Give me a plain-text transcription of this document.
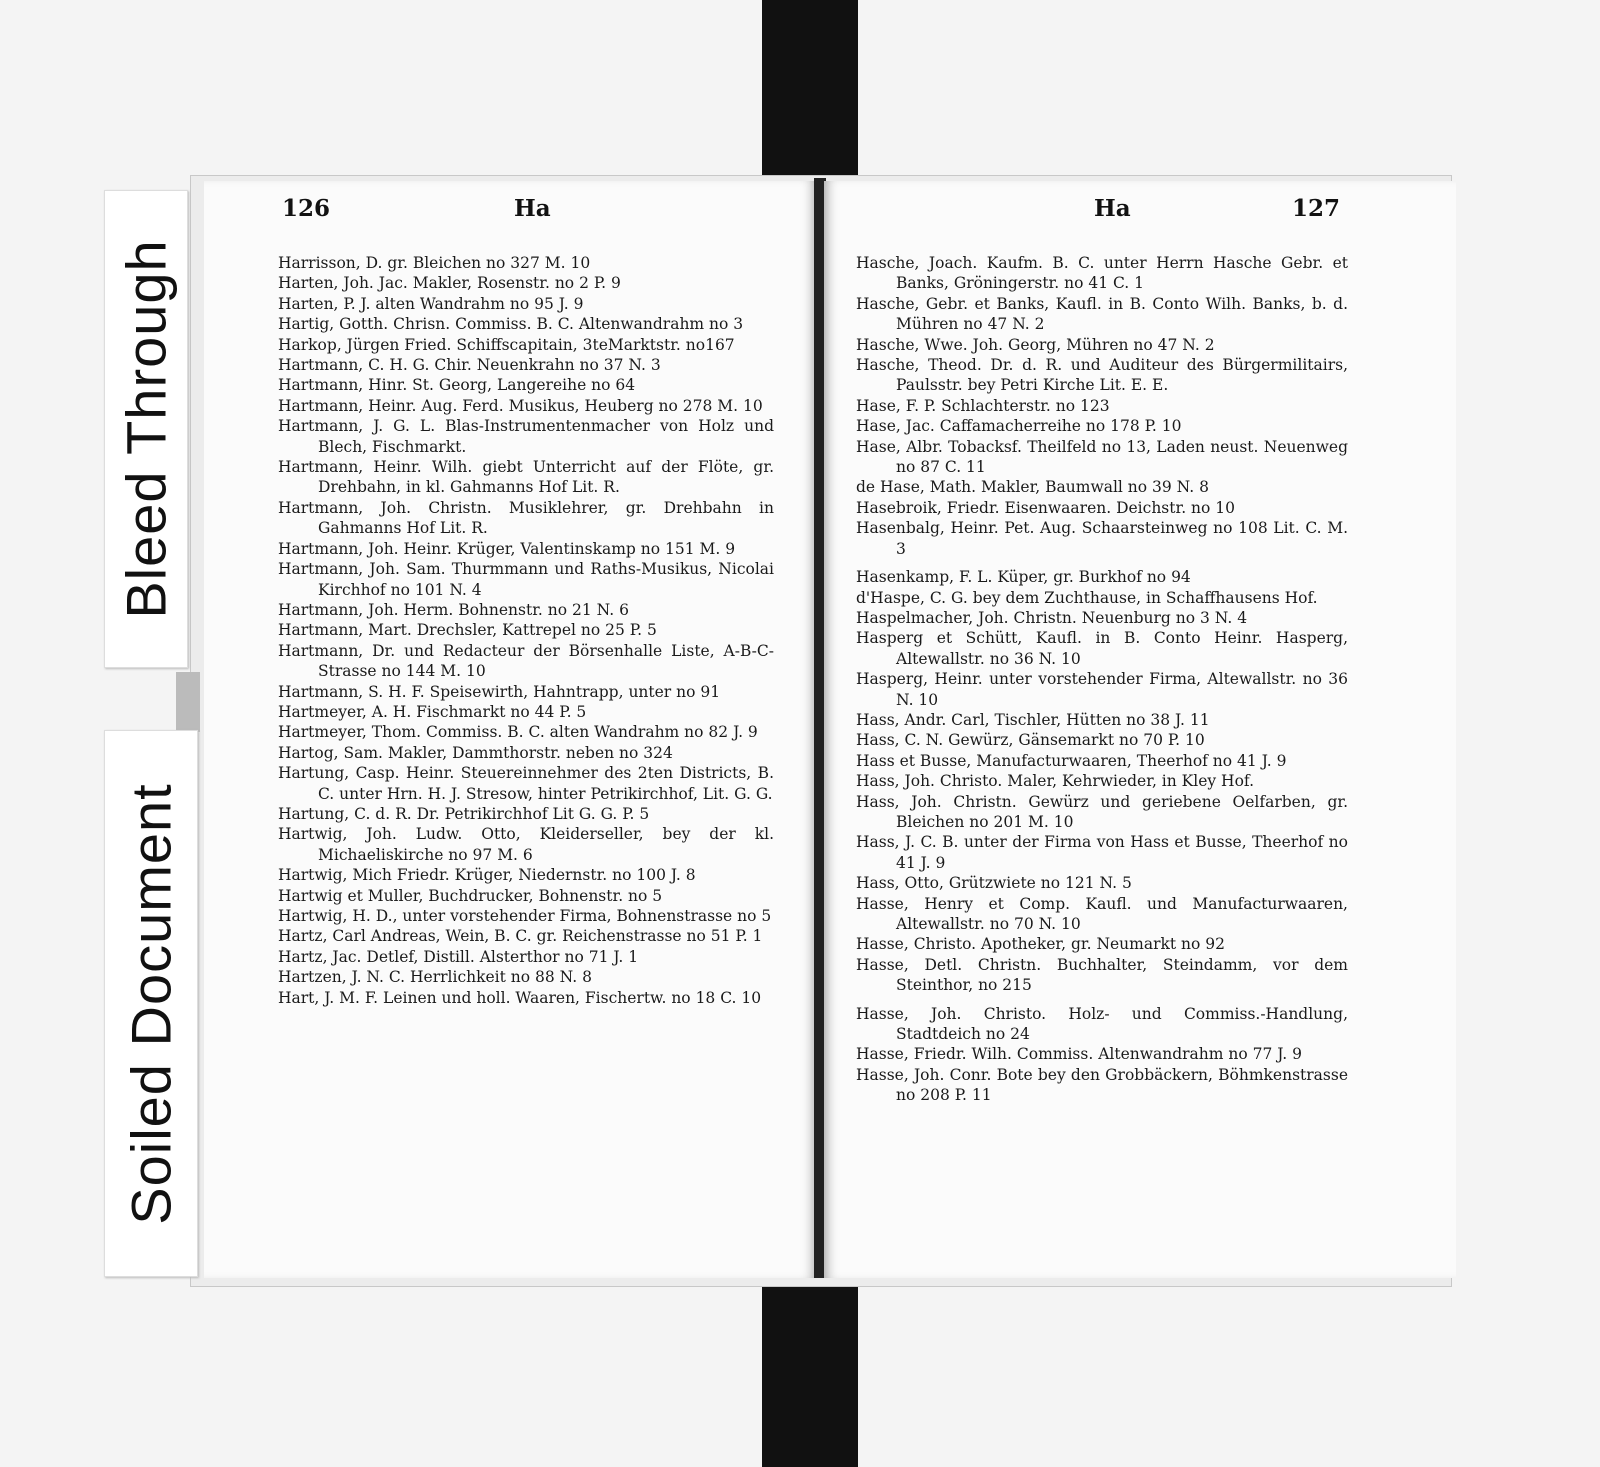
Bleed Through
Soiled Document
126	Ha
Harrisson, D. gr. Bleichen no 327 M. 10
Harten, Joh. Jac. Makler, Rosenstr. no 2 P. 9
Harten, P. J. alten Wandrahm no 95 J. 9
Hartig, Gotth. Chrisn. Commiss. B. C. Altenwandrahm no 3
Harkop, Jürgen Fried. Schiffscapitain, 3teMarktstr. no167
Hartmann, C. H. G. Chir. Neuenkrahn no 37 N. 3
Hartmann, Hinr. St. Georg, Langereihe no 64
Hartmann, Heinr. Aug. Ferd. Musikus, Heuberg no 278 M. 10
Hartmann, J. G. L. Blas-Instrumentenmacher von Holz und Blech, Fischmarkt.
Hartmann, Heinr. Wilh. giebt Unterricht auf der Flöte, gr. Drehbahn, in kl. Gahmanns Hof Lit. R.
Hartmann, Joh. Christn. Musiklehrer, gr. Drehbahn in Gahmanns Hof Lit. R.
Hartmann, Joh. Heinr. Krüger, Valentinskamp no 151 M. 9
Hartmann, Joh. Sam. Thurmmann und Raths-Musikus, Nicolai Kirchhof no 101 N. 4
Hartmann, Joh. Herm. Bohnenstr. no 21 N. 6
Hartmann, Mart. Drechsler, Kattrepel no 25 P. 5
Hartmann, Dr. und Redacteur der Börsenhalle Liste, A-B-C-Strasse no 144 M. 10
Hartmann, S. H. F. Speisewirth, Hahntrapp, unter no 91
Hartmeyer, A. H. Fischmarkt no 44 P. 5
Hartmeyer, Thom. Commiss. B. C. alten Wandrahm no 82 J. 9
Hartog, Sam. Makler, Dammthorstr. neben no 324
Hartung, Casp. Heinr. Steuereinnehmer des 2ten Districts, B. C. unter Hrn. H. J. Stresow, hinter Petrikirchhof, Lit. G. G.
Hartung, C. d. R. Dr. Petrikirchhof Lit G. G. P. 5
Hartwig, Joh. Ludw. Otto, Kleiderseller, bey der kl. Michaeliskirche no 97 M. 6
Hartwig, Mich Friedr. Krüger, Niedernstr. no 100 J. 8
Hartwig et Muller, Buchdrucker, Bohnenstr. no 5
Hartwig, H. D., unter vorstehender Firma, Bohnenstrasse no 5
Hartz, Carl Andreas, Wein, B. C. gr. Reichenstrasse no 51 P. 1
Hartz, Jac. Detlef, Distill. Alsterthor no 71 J. 1
Hartzen, J. N. C. Herrlichkeit no 88 N. 8
Hart, J. M. F. Leinen und holl. Waaren, Fischertw. no 18 C. 10
Ha	127
Hasche, Joach. Kaufm. B. C. unter Herrn Hasche Gebr. et Banks, Gröningerstr. no 41 C. 1
Hasche, Gebr. et Banks, Kaufl. in B. Conto Wilh. Banks, b. d. Mühren no 47 N. 2
Hasche, Wwe. Joh. Georg, Mühren no 47 N. 2
Hasche, Theod. Dr. d. R. und Auditeur des Bürgermilitairs, Paulsstr. bey Petri Kirche Lit. E. E.
Hase, F. P. Schlachterstr. no 123
Hase, Jac. Caffamacherreihe no 178 P. 10
Hase, Albr. Tobacksf. Theilfeld no 13, Laden neust. Neuenweg no 87 C. 11
de Hase, Math. Makler, Baumwall no 39 N. 8
Hasebroik, Friedr. Eisenwaaren. Deichstr. no 10
Hasenbalg, Heinr. Pet. Aug. Schaarsteinweg no 108 Lit. C. M. 3
Hasenkamp, F. L. Küper, gr. Burkhof no 94
d'Haspe, C. G. bey dem Zuchthause, in Schaffhausens Hof.
Haspelmacher, Joh. Christn. Neuenburg no 3 N. 4
Hasperg et Schütt, Kaufl. in B. Conto Heinr. Hasperg, Altewallstr. no 36 N. 10
Hasperg, Heinr. unter vorstehender Firma, Altewallstr. no 36 N. 10
Hass, Andr. Carl, Tischler, Hütten no 38 J. 11
Hass, C. N. Gewürz, Gänsemarkt no 70 P. 10
Hass et Busse, Manufacturwaaren, Theerhof no 41 J. 9
Hass, Joh. Christo. Maler, Kehrwieder, in Kley Hof.
Hass, Joh. Christn. Gewürz und geriebene Oelfarben, gr. Bleichen no 201 M. 10
Hass, J. C. B. unter der Firma von Hass et Busse, Theerhof no 41 J. 9
Hass, Otto, Grützwiete no 121 N. 5
Hasse, Henry et Comp. Kaufl. und Manufacturwaaren, Altewallstr. no 70 N. 10
Hasse, Christo. Apotheker, gr. Neumarkt no 92
Hasse, Detl. Christn. Buchhalter, Steindamm, vor dem Steinthor, no 215
Hasse, Joh. Christo. Holz- und Commiss.-Handlung, Stadtdeich no 24
Hasse, Friedr. Wilh. Commiss. Altenwandrahm no 77 J. 9
Hasse, Joh. Conr. Bote bey den Grobbäckern, Böhmkenstrasse no 208 P. 11
